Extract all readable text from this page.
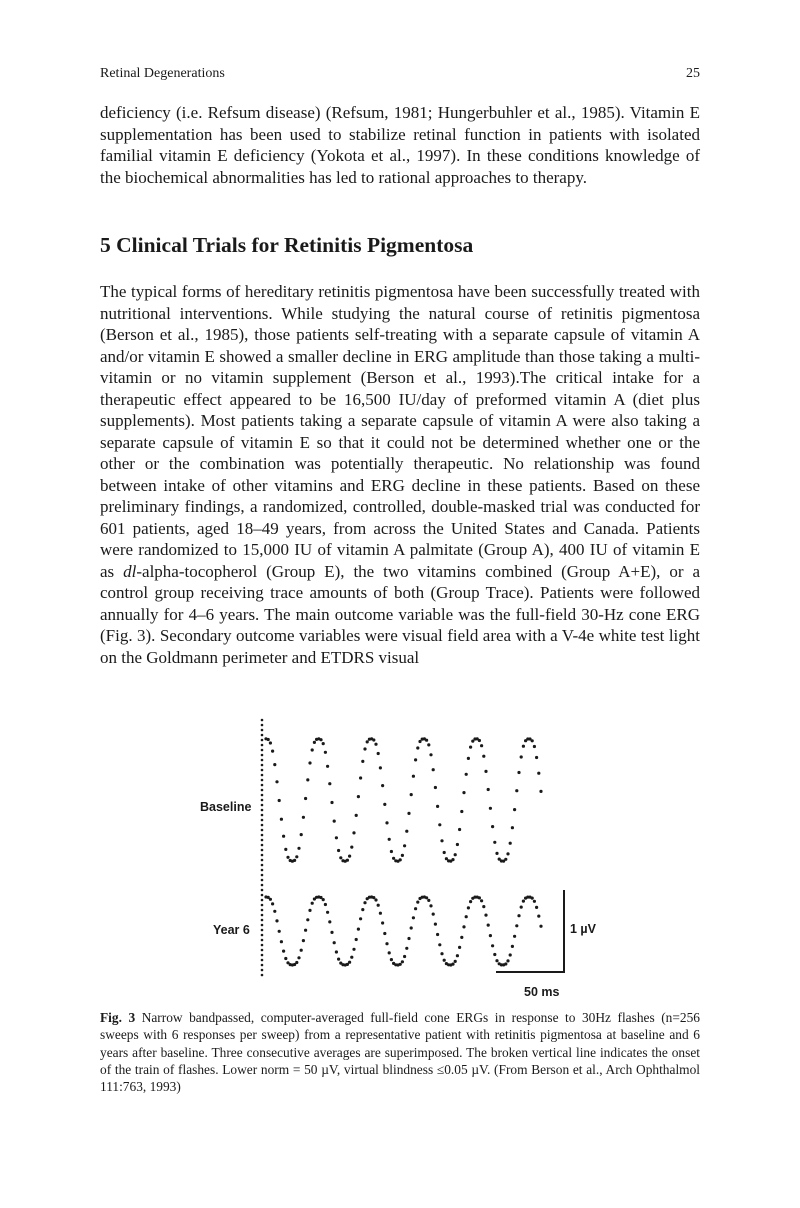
Retinal Degenerations	25

deficiency (i.e. Refsum disease) (Refsum, 1981; Hungerbuhler et al., 1985). Vitamin E supplementation has been used to stabilize retinal function in patients with isolated familial vitamin E deficiency (Yokota et al., 1997). In these conditions knowledge of the biochemical abnormalities has led to rational approaches to therapy.

5 Clinical Trials for Retinitis Pigmentosa

The typical forms of hereditary retinitis pigmentosa have been successfully treated with nutritional interventions. While studying the natural course of retinitis pigmentosa (Berson et al., 1985), those patients self-treating with a separate capsule of vitamin A and/or vitamin E showed a smaller decline in ERG amplitude than those taking a multi-vitamin or no vitamin supplement (Berson et al., 1993).The critical intake for a therapeutic effect appeared to be 16,500 IU/day of preformed vitamin A (diet plus supplements). Most patients taking a separate capsule of vitamin A were also taking a separate capsule of vitamin E so that it could not be determined whether one or the other or the combination was potentially therapeutic. No relationship was found between intake of other vitamins and ERG decline in these patients. Based on these preliminary findings, a randomized, controlled, double-masked trial was conducted for 601 patients, aged 18–49 years, from across the United States and Canada. Patients were randomized to 15,000 IU of vitamin A palmitate (Group A), 400 IU of vitamin E as dl-alpha-tocopherol (Group E), the two vitamins combined (Group A+E), or a control group receiving trace amounts of both (Group Trace). Patients were followed annually for 4–6 years. The main outcome variable was the full-field 30-Hz cone ERG (Fig. 3). Secondary outcome variables were visual field area with a V-4e white test light on the Goldmann perimeter and ETDRS visual

Baseline
Year 6	1 µV
50 ms

Fig. 3 Narrow bandpassed, computer-averaged full-field cone ERGs in response to 30Hz flashes (n=256 sweeps with 6 responses per sweep) from a representative patient with retinitis pigmentosa at baseline and 6 years after baseline. Three consecutive averages are superimposed. The broken vertical line indicates the onset of the train of flashes. Lower norm = 50 µV, virtual blindness ≤0.05 µV. (From Berson et al., Arch Ophthalmol 111:763, 1993)
